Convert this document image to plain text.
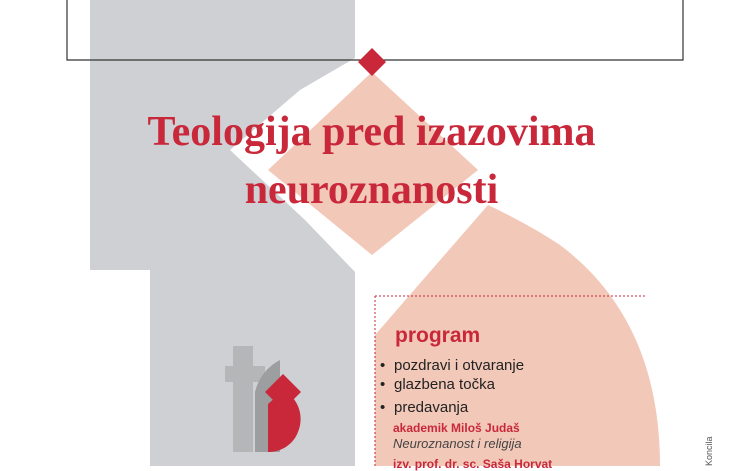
Teologija pred izazovima
neuroznanosti
program
• pozdravi i otvaranje
• glazbena točka
• predavanja
akademik Miloš Judaš
Neuroznanost i religija
izv. prof. dr. sc. Saša Horvat	Koncila
